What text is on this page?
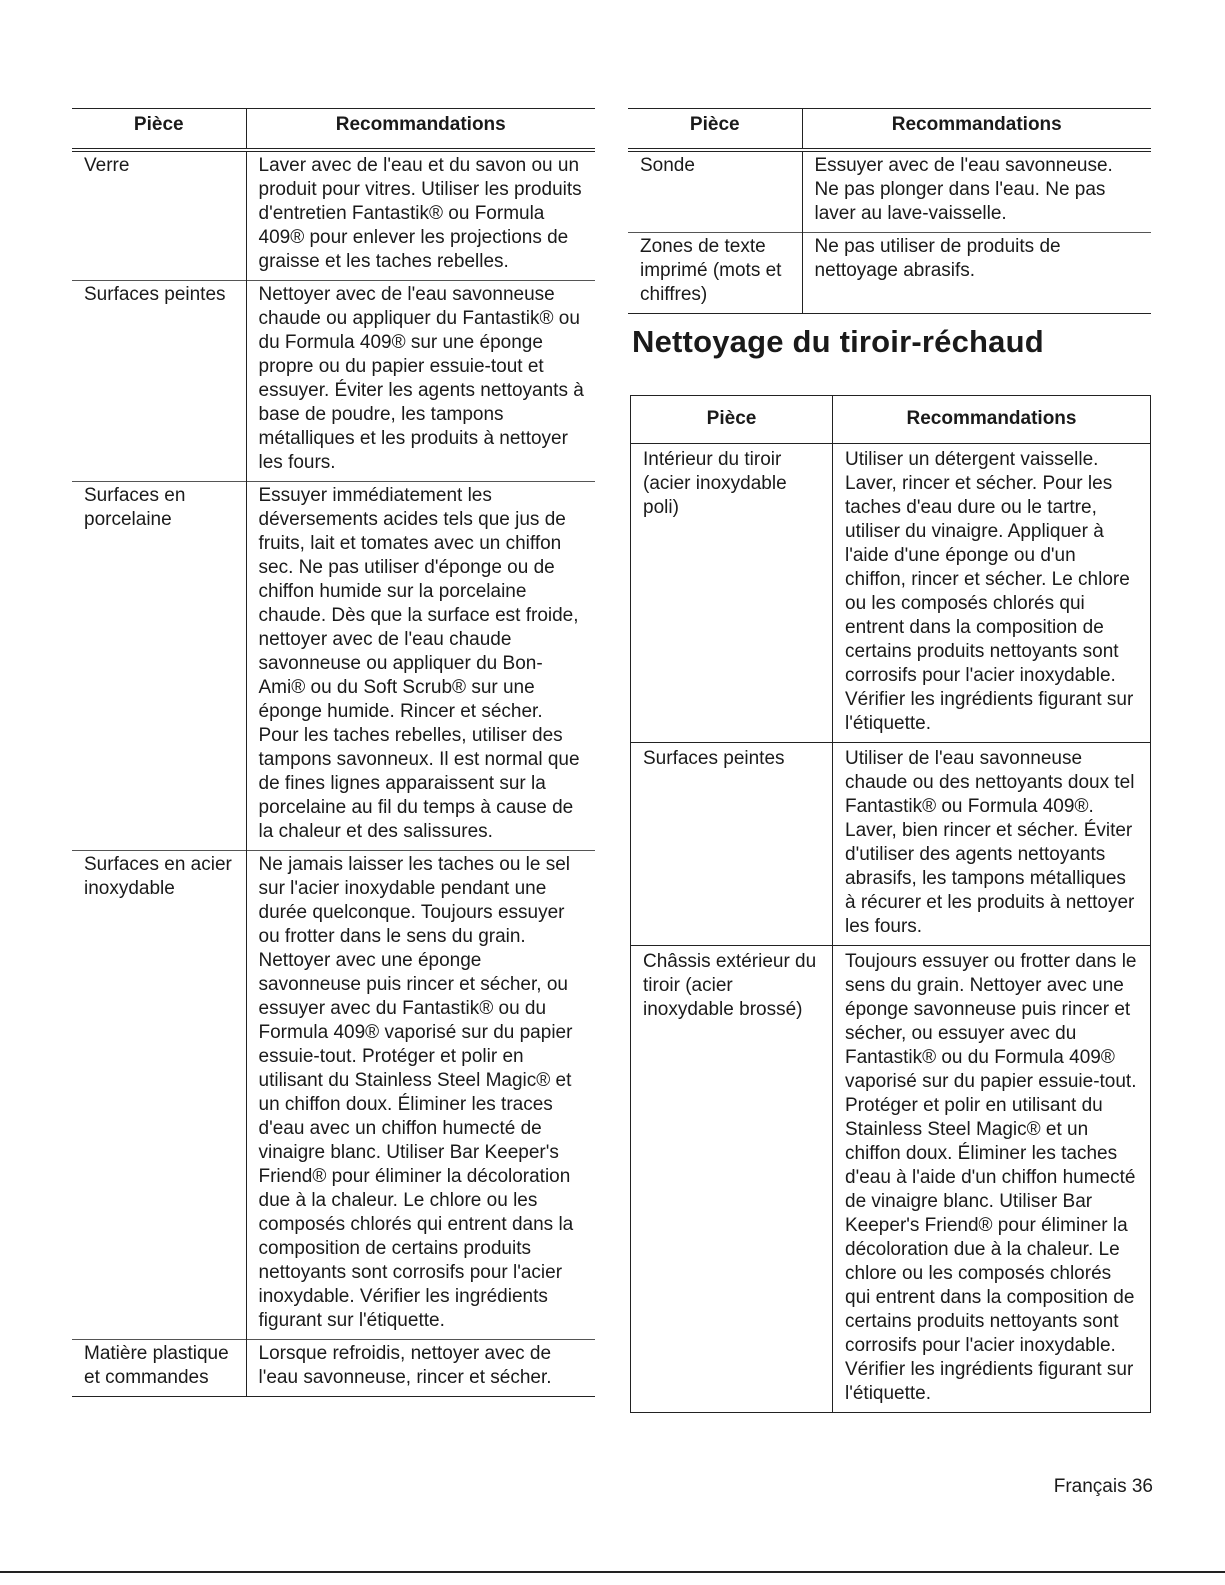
Pièce	Recommandations
Verre	Laver avec de l'eau et du savon ou un produit pour vitres. Utiliser les produits d'entretien Fantastik® ou Formula 409® pour enlever les projections de graisse et les taches rebelles.
Surfaces peintes	Nettoyer avec de l'eau savonneuse chaude ou appliquer du Fantastik® ou du Formula 409® sur une éponge propre ou du papier essuie-tout et essuyer. Éviter les agents nettoyants à base de poudre, les tampons métalliques et les produits à nettoyer les fours.
Surfaces en porcelaine	Essuyer immédiatement les déversements acides tels que jus de fruits, lait et tomates avec un chiffon sec. Ne pas utiliser d'éponge ou de chiffon humide sur la porcelaine chaude. Dès que la surface est froide, nettoyer avec de l'eau chaude savonneuse ou appliquer du Bon-Ami® ou du Soft Scrub® sur une éponge humide. Rincer et sécher. Pour les taches rebelles, utiliser des tampons savonneux. Il est normal que de fines lignes apparaissent sur la porcelaine au fil du temps à cause de la chaleur et des salissures.
Surfaces en acier inoxydable	Ne jamais laisser les taches ou le sel sur l'acier inoxydable pendant une durée quelconque. Toujours essuyer ou frotter dans le sens du grain. Nettoyer avec une éponge savonneuse puis rincer et sécher, ou essuyer avec du Fantastik® ou du Formula 409® vaporisé sur du papier essuie-tout. Protéger et polir en utilisant du Stainless Steel Magic® et un chiffon doux. Éliminer les traces d'eau avec un chiffon humecté de vinaigre blanc. Utiliser Bar Keeper's Friend® pour éliminer la décoloration due à la chaleur. Le chlore ou les composés chlorés qui entrent dans la composition de certains produits nettoyants sont corrosifs pour l'acier inoxydable. Vérifier les ingrédients figurant sur l'étiquette.
Matière plastique et commandes	Lorsque refroidis, nettoyer avec de l'eau savonneuse, rincer et sécher.
Pièce	Recommandations
Sonde	Essuyer avec de l'eau savonneuse. Ne pas plonger dans l'eau. Ne pas laver au lave-vaisselle.
Zones de texte imprimé (mots et chiffres)	Ne pas utiliser de produits de nettoyage abrasifs.
Nettoyage du tiroir-réchaud
Pièce	Recommandations
Intérieur du tiroir (acier inoxydable poli)	Utiliser un détergent vaisselle. Laver, rincer et sécher. Pour les taches d'eau dure ou le tartre, utiliser du vinaigre. Appliquer à l'aide d'une éponge ou d'un chiffon, rincer et sécher. Le chlore ou les composés chlorés qui entrent dans la composition de certains produits nettoyants sont corrosifs pour l'acier inoxydable. Vérifier les ingrédients figurant sur l'étiquette.
Surfaces peintes	Utiliser de l'eau savonneuse chaude ou des nettoyants doux tel Fantastik® ou Formula 409®. Laver, bien rincer et sécher. Éviter d'utiliser des agents nettoyants abrasifs, les tampons métalliques à récurer et les produits à nettoyer les fours.
Châssis extérieur du tiroir (acier inoxydable brossé)	Toujours essuyer ou frotter dans le sens du grain. Nettoyer avec une éponge savonneuse puis rincer et sécher, ou essuyer avec du Fantastik® ou du Formula 409® vaporisé sur du papier essuie-tout. Protéger et polir en utilisant du Stainless Steel Magic® et un chiffon doux. Éliminer les taches d'eau à l'aide d'un chiffon humecté de vinaigre blanc. Utiliser Bar Keeper's Friend® pour éliminer la décoloration due à la chaleur. Le chlore ou les composés chlorés qui entrent dans la composition de certains produits nettoyants sont corrosifs pour l'acier inoxydable. Vérifier les ingrédients figurant sur l'étiquette.
Français 36
